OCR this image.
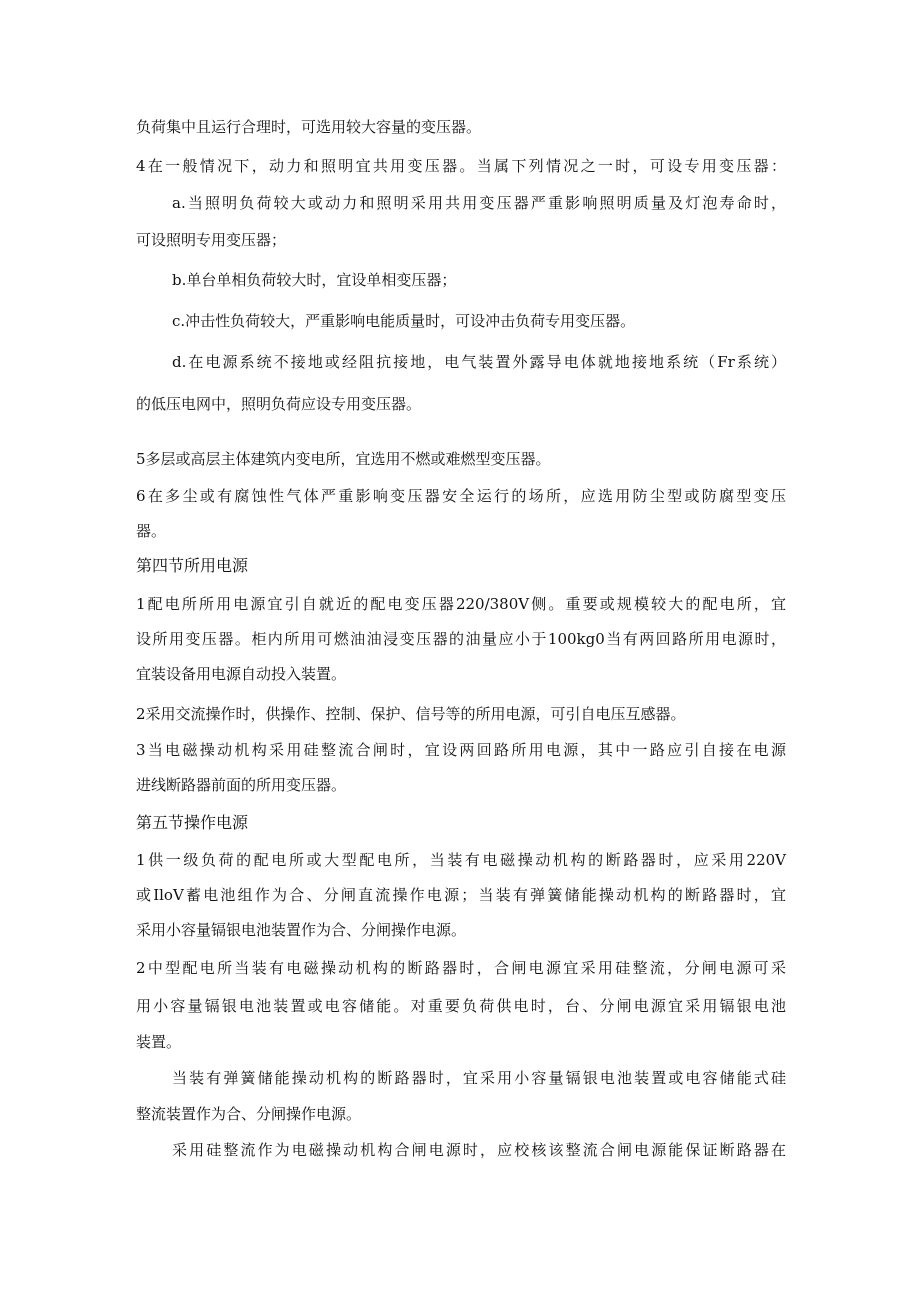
负荷集中且运行合理时，可选用较大容量的变压器。
4在一般情况下，动力和照明宜共用变压器。当属下列情况之一时，可设专用变压器：
a.当照明负荷较大或动力和照明采用共用变压器严重影响照明质量及灯泡寿命时，
可设照明专用变压器；
b.单台单相负荷较大时，宜设单相变压器；
c.冲击性负荷较大，严重影响电能质量时，可设冲击负荷专用变压器。
d.在电源系统不接地或经阻抗接地，电气装置外露导电体就地接地系统（Fr系统）
的低压电网中，照明负荷应设专用变压器。
5多层或高层主体建筑内变电所，宜选用不燃或难燃型变压器。
6在多尘或有腐蚀性气体严重影响变压器安全运行的场所，应选用防尘型或防腐型变压
器。
第四节所用电源
1配电所所用电源宜引自就近的配电变压器220/380V侧。重要或规模较大的配电所，宜
设所用变压器。柜内所用可燃油油浸变压器的油量应小于100kg0当有两回路所用电源时，
宜装设备用电源自动投入装置。
2采用交流操作时，供操作、控制、保护、信号等的所用电源，可引自电压互感器。
3当电磁操动机构采用硅整流合闸时，宜设两回路所用电源，其中一路应引自接在电源
进线断路器前面的所用变压器。
第五节操作电源
1供一级负荷的配电所或大型配电所，当装有电磁操动机构的断路器时，应采用220V
或IloV蓄电池组作为合、分闸直流操作电源；当装有弹簧储能操动机构的断路器时，宜
采用小容量镉银电池装置作为合、分闸操作电源。
2中型配电所当装有电磁操动机构的断路器时，合闸电源宜采用硅整流，分闸电源可采
用小容量镉银电池装置或电容储能。对重要负荷供电时，台、分闸电源宜采用镉银电池
装置。
当装有弹簧储能操动机构的断路器时，宜采用小容量镉银电池装置或电容储能式硅
整流装置作为合、分闸操作电源。
采用硅整流作为电磁操动机构合闸电源时，应校核该整流合闸电源能保证断路器在
